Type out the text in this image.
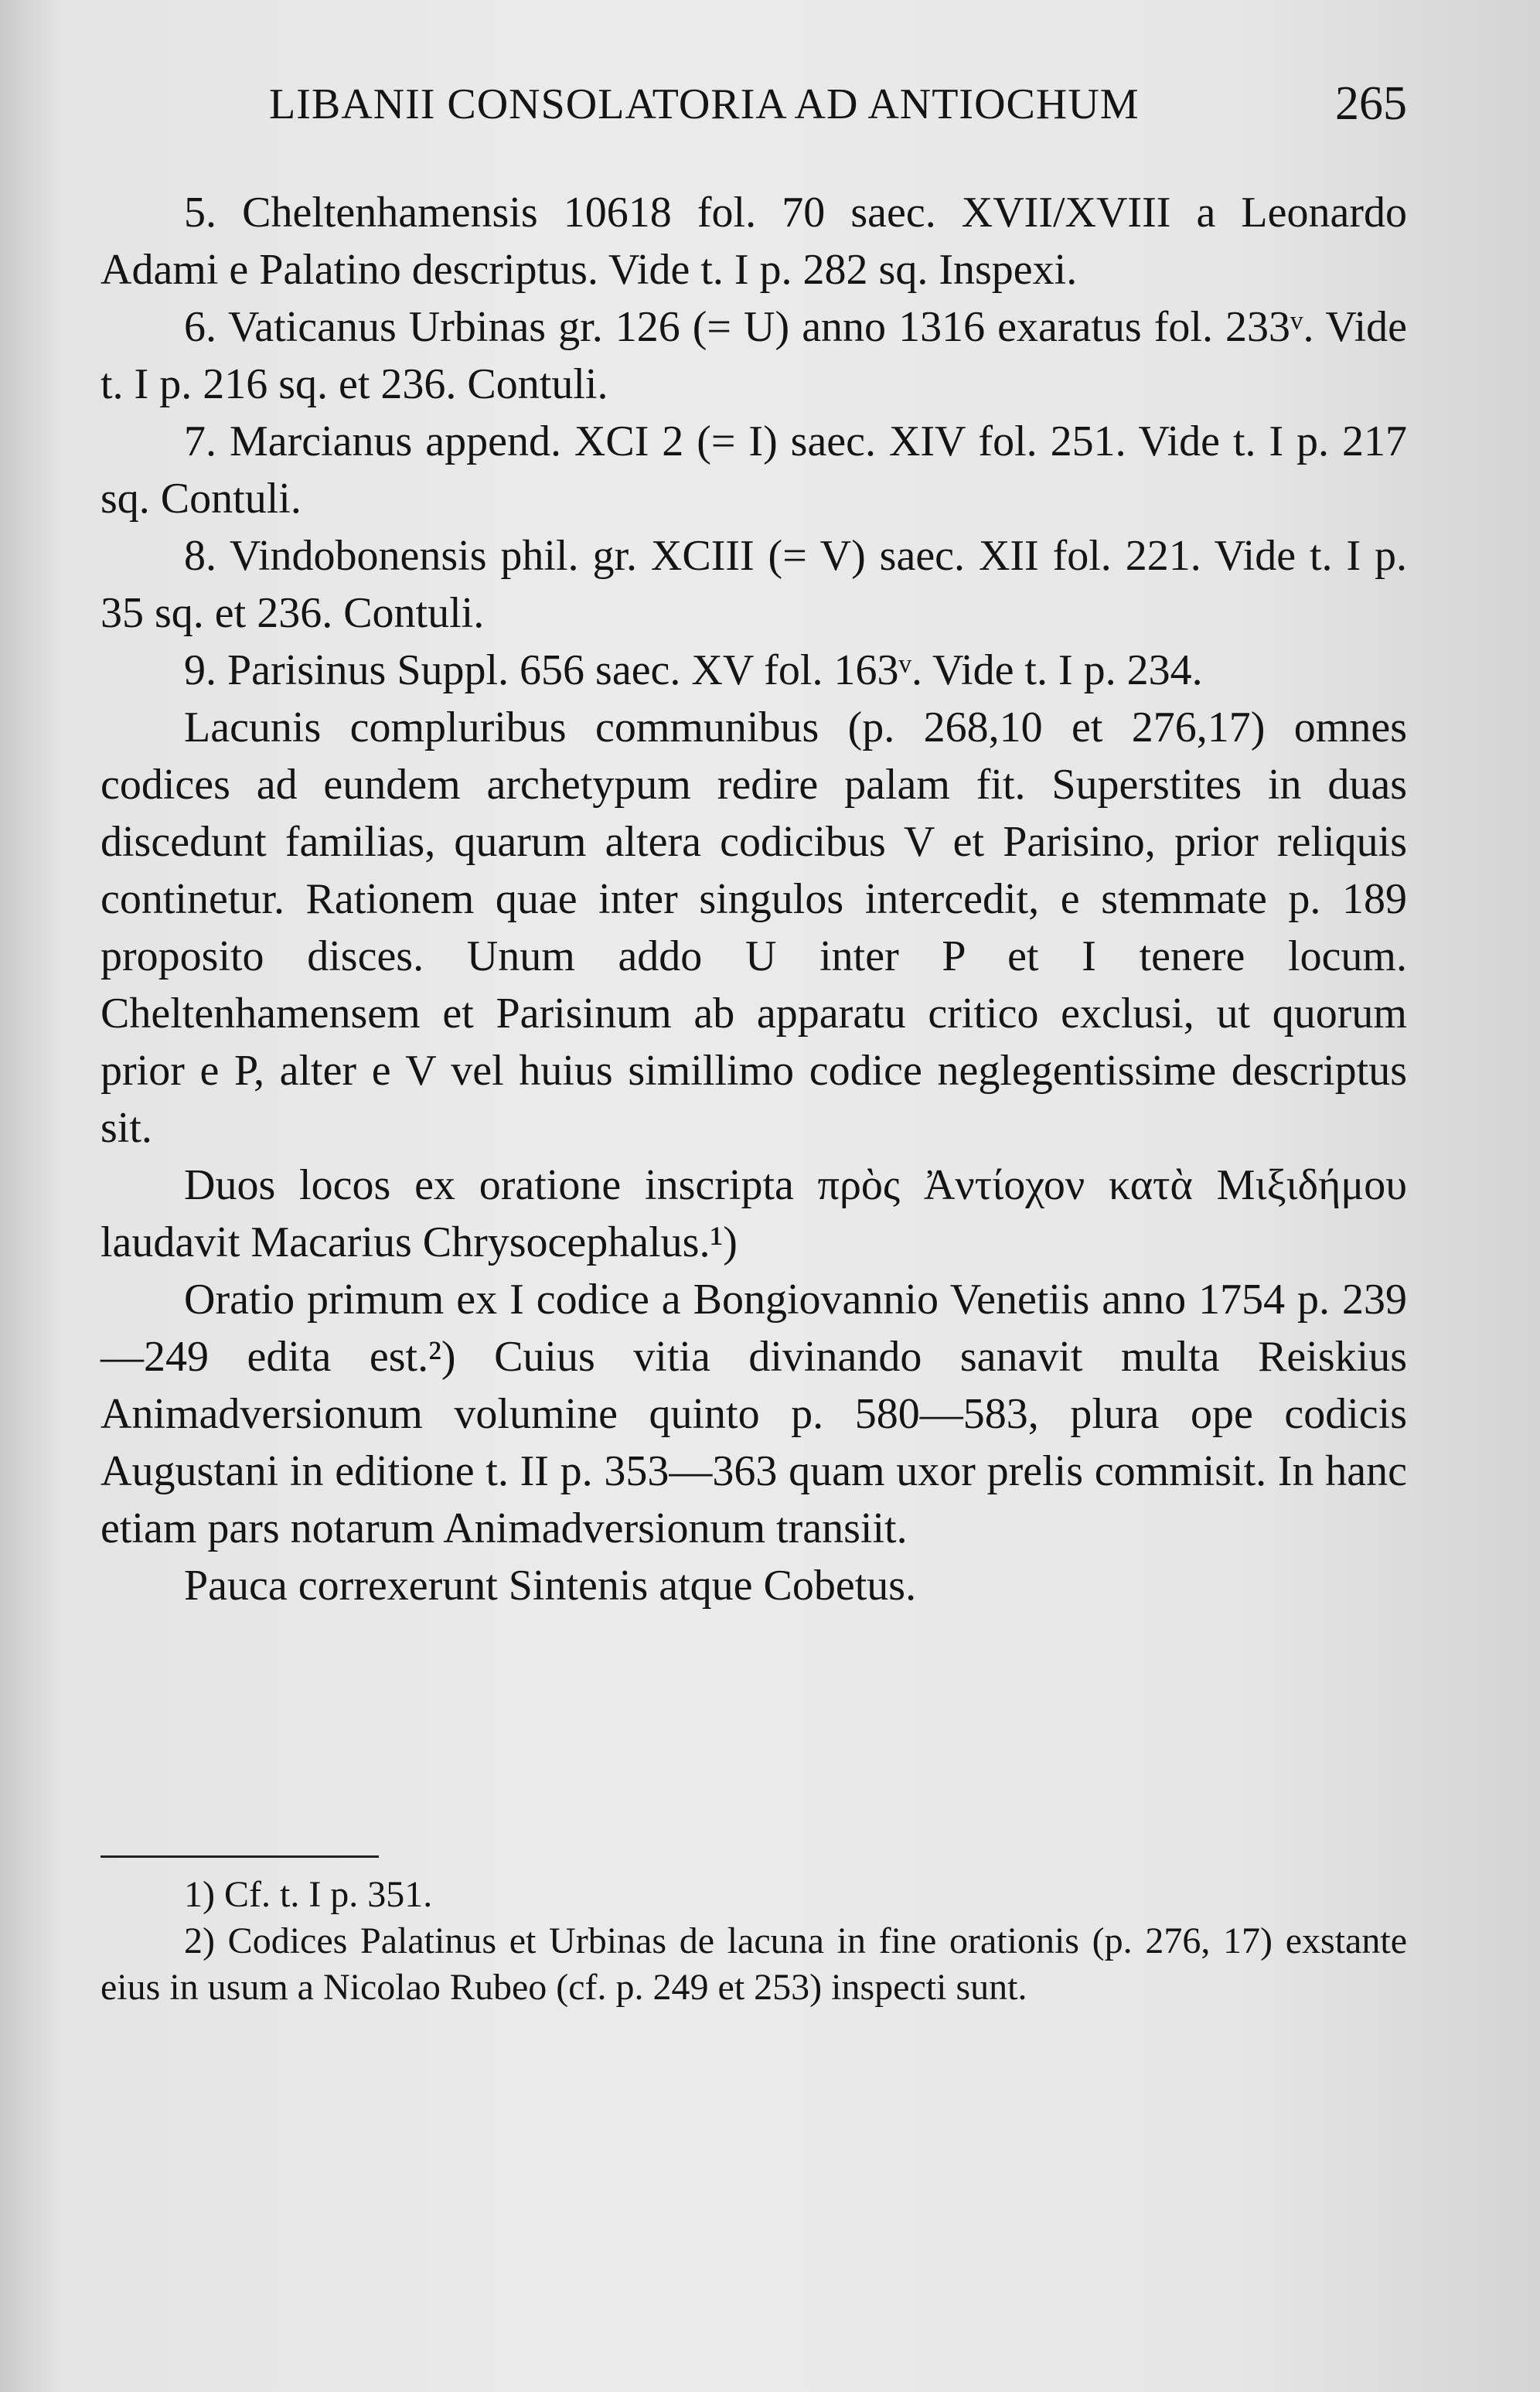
LIBANII CONSOLATORIA AD ANTIOCHUM	265

5. Cheltenhamensis 10618 fol. 70 saec. XVII/XVIII a Leonardo Adami e Palatino descriptus. Vide t. I p. 282 sq. Inspexi.

6. Vaticanus Urbinas gr. 126 (= U) anno 1316 exaratus fol. 233ᵛ. Vide t. I p. 216 sq. et 236. Contuli.

7. Marcianus append. XCI 2 (= I) saec. XIV fol. 251. Vide t. I p. 217 sq. Contuli.

8. Vindobonensis phil. gr. XCIII (= V) saec. XII fol. 221. Vide t. I p. 35 sq. et 236. Contuli.

9. Parisinus Suppl. 656 saec. XV fol. 163ᵛ. Vide t. I p. 234.

Lacunis compluribus communibus (p. 268,10 et 276,17) omnes codices ad eundem archetypum redire palam fit. Superstites in duas discedunt familias, quarum altera codicibus V et Parisino, prior reliquis continetur. Rationem quae inter singulos intercedit, e stemmate p. 189 proposito disces. Unum addo U inter P et I tenere locum. Cheltenhamensem et Parisinum ab apparatu critico exclusi, ut quorum prior e P, alter e V vel huius simillimo codice neglegentissime descriptus sit.

Duos locos ex oratione inscripta πρὸς Ἀντίοχον κατὰ Μιξιδήμου laudavit Macarius Chrysocephalus.¹)

Oratio primum ex I codice a Bongiovannio Venetiis anno 1754 p. 239—249 edita est.²) Cuius vitia divinando sanavit multa Reiskius Animadversionum volumine quinto p. 580—583, plura ope codicis Augustani in editione t. II p. 353—363 quam uxor prelis commisit. In hanc etiam pars notarum Animadversionum transiit.

Pauca correxerunt Sintenis atque Cobetus.

1) Cf. t. I p. 351.

2) Codices Palatinus et Urbinas de lacuna in fine orationis (p. 276, 17) exstante eius in usum a Nicolao Rubeo (cf. p. 249 et 253) inspecti sunt.
